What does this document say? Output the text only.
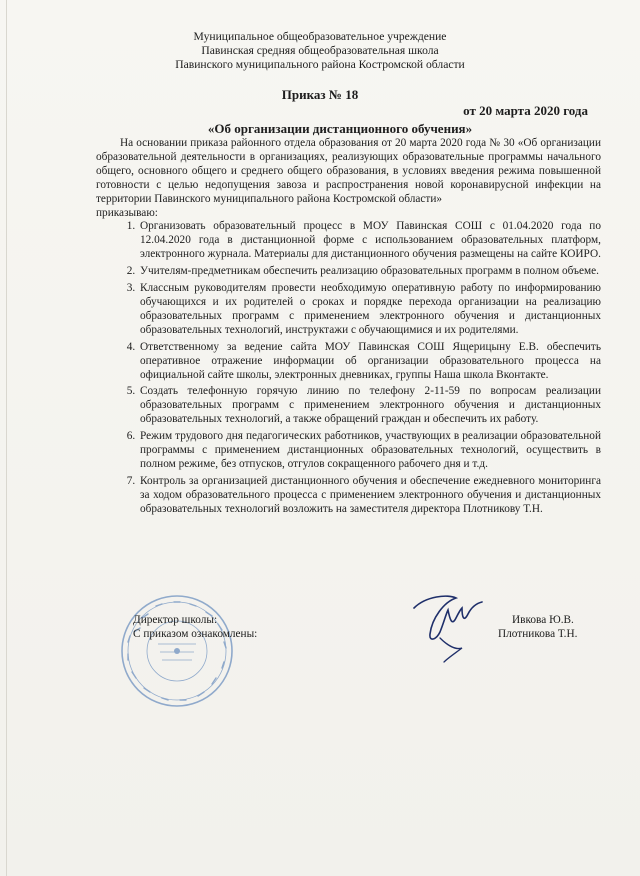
Муниципальное общеобразовательное учреждение
Павинская средняя общеобразовательная школа
Павинского муниципального района Костромской области
Приказ № 18
от 20 марта 2020 года
«Об организации дистанционного обучения»

На основании приказа районного отдела образования от 20 марта 2020 года № 30 «Об организации образовательной деятельности в организациях, реализующих образовательные программы начального общего, основного общего и среднего общего образования, в условиях введения режима повышенной готовности с целью недопущения завоза и распространения новой коронавирусной инфекции на территории Павинского муниципального района Костромской области»

приказываю:

1. Организовать образовательный процесс в МОУ Павинская СОШ с 01.04.2020 года по 12.04.2020 года в дистанционной форме с использованием образовательных платформ, электронного журнала. Материалы для дистанционного обучения размещены на сайте КОИРО.
2. Учителям-предметникам обеспечить реализацию образовательных программ в полном объеме.
3. Классным руководителям провести необходимую оперативную работу по информированию обучающихся и их родителей о сроках и порядке перехода организации на реализацию образовательных программ с применением электронного обучения и дистанционных образовательных технологий, инструктажи с обучающимися и их родителями.
4. Ответственному за ведение сайта МОУ Павинская СОШ Ящерицыну Е.В. обеспечить оперативное отражение информации об организации образовательного процесса на официальной сайте школы, электронных дневниках, группы Наша школа Вконтакте.
5. Создать телефонную горячую линию по телефону 2-11-59 по вопросам реализации образовательных программ с применением электронного обучения и дистанционных образовательных технологий, а также обращений граждан и обеспечить их работу.
6. Режим трудового дня педагогических работников, участвующих в реализации образовательной программы с применением дистанционных образовательных технологий, осуществить в полном режиме, без отпусков, отгулов сокращенного рабочего дня и т.д.
7. Контроль за организацией дистанционного обучения и обеспечение ежедневного мониторинга за ходом образовательного процесса с применением электронного обучения и дистанционных образовательных технологий возложить на заместителя директора Плотникову Т.Н.
Директор школы:
С приказом ознакомлены:
Ивкова Ю.В.
Плотникова Т.Н.
